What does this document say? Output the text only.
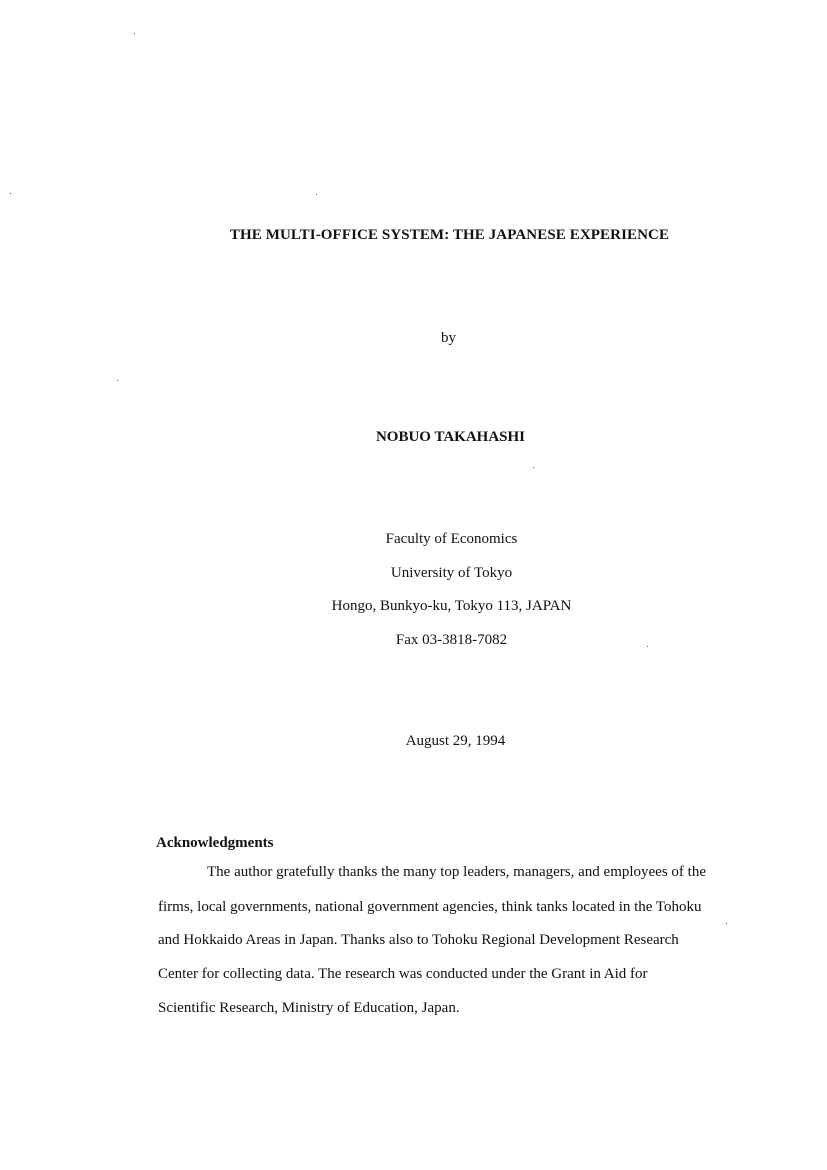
THE MULTI-OFFICE SYSTEM: THE JAPANESE EXPERIENCE
by
NOBUO TAKAHASHI
Faculty of Economics
University of Tokyo
Hongo, Bunkyo-ku, Tokyo 113, JAPAN
Fax 03-3818-7082
August 29, 1994
Acknowledgments
The author gratefully thanks the many top leaders, managers, and employees of the
firms, local governments, national government agencies, think tanks located in the Tohoku
and Hokkaido Areas in Japan. Thanks also to Tohoku Regional Development Research
Center for collecting data. The research was conducted under the Grant in Aid for
Scientific Research, Ministry of Education, Japan.
